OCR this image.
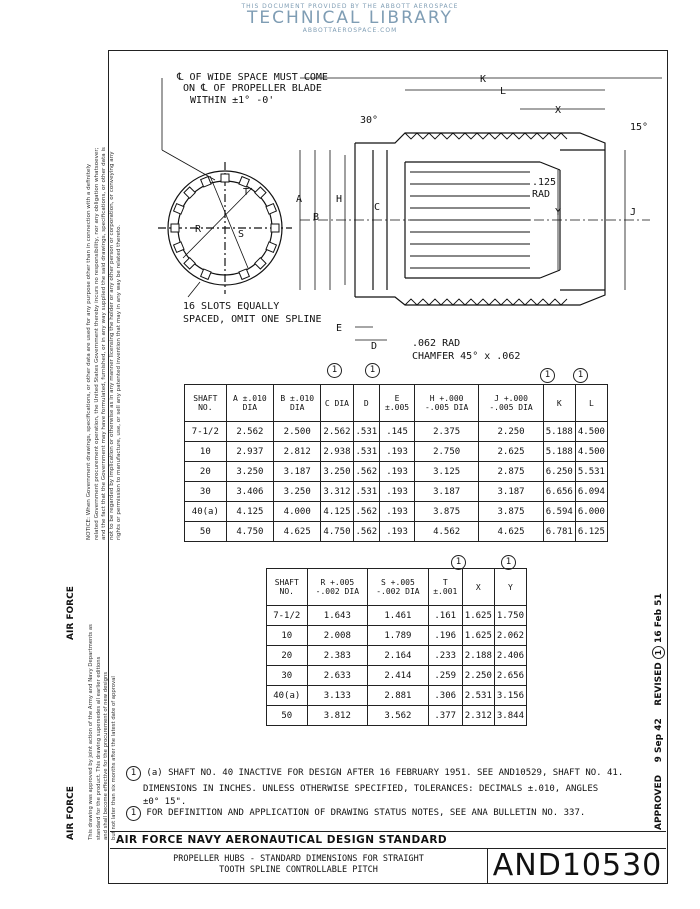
THIS DOCUMENT PROVIDED BY THE ABBOTT AEROSPACE
TECHNICAL LIBRARY
ABBOTTAEROSPACE.COM
NOTICE: When Government drawings, specifications, or other data are used for any purpose other than in connection with a definitely related Government procurement operation, the United States Government thereby incurs no responsibility, nor any obligation whatsoever; and the fact that the Government may have formulated, furnished, or in any way supplied the said drawings, specifications, or other data is not to be regarded by implication or otherwise as in any manner licensing the holder or any other person or corporation, or conveying any rights or permission to manufacture, use, or sell any patented invention that may in any way be related thereto.
This drawing was approved by joint action of the Army and Navy Departments as standard for the product. This drawing supersedes all earlier editions and shall become effective for the procurement of new designs but not later than six months after the latest date of approval
AIR FORCE
AIR FORCE
℄ OF WIDE SPACE MUST COME
ON ℄ OF PROPELLER BLADE
WITHIN ±1° -0'
16 SLOTS EQUALLY
SPACED, OMIT ONE SPLINE
.125
RAD
.062 RAD
CHAMFER 45° x .062
30°
15°
K
L
X
A
B
H
C	Y	J
E
D
T
R	S
1	1	1	1
SHAFT NO.	A ±.010 DIA	B ±.010 DIA	C DIA	D	E ±.005	H +.000 -.005 DIA	J +.000 -.005 DIA	K	L
7-1/2	2.562	2.500	2.562	.531	.145	2.375	2.250	5.188	4.500
10	2.937	2.812	2.938	.531	.193	2.750	2.625	5.188	4.500
20	3.250	3.187	3.250	.562	.193	3.125	2.875	6.250	5.531
30	3.406	3.250	3.312	.531	.193	3.187	3.187	6.656	6.094
40(a)	4.125	4.000	4.125	.562	.193	3.875	3.875	6.594	6.000
50	4.750	4.625	4.750	.562	.193	4.562	4.625	6.781	6.125
1	1
SHAFT NO.	R +.005 -.002 DIA	S +.005 -.002 DIA	T ±.001	X	Y
7-1/2	1.643	1.461	.161	1.625	1.750
10	2.008	1.789	.196	1.625	2.062
20	2.383	2.164	.233	2.188	2.406
30	2.633	2.414	.259	2.250	2.656
40(a)	3.133	2.881	.306	2.531	3.156
50	3.812	3.562	.377	2.312	3.844
APPROVED    9 Sep 42    REVISED 1 16 Feb 51
1 (a) SHAFT NO. 40 INACTIVE FOR DESIGN AFTER 16 FEBRUARY 1951. SEE AND10529, SHAFT NO. 41.
DIMENSIONS IN INCHES. UNLESS OTHERWISE SPECIFIED, TOLERANCES: DECIMALS ±.010, ANGLES
±0° 15".
1 FOR DEFINITION AND APPLICATION OF DRAWING STATUS NOTES, SEE ANA BULLETIN NO. 337.
AIR FORCE NAVY AERONAUTICAL DESIGN STANDARD
PROPELLER HUBS - STANDARD DIMENSIONS FOR STRAIGHT
TOOTH SPLINE CONTROLLABLE PITCH	AND10530
